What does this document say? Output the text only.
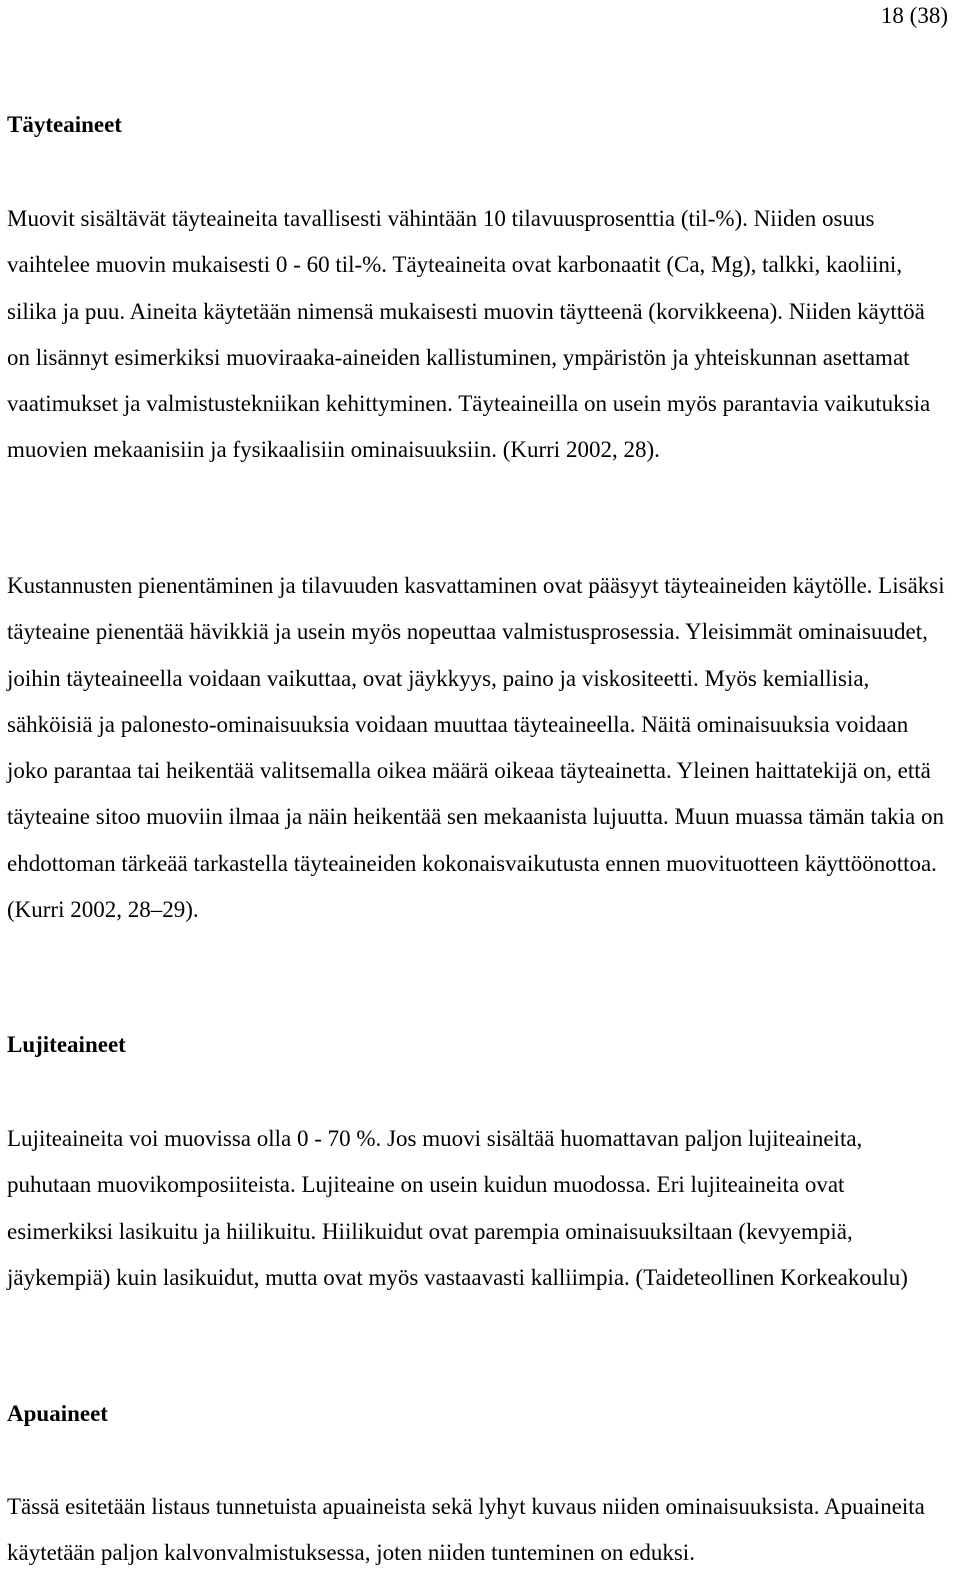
18 (38)
Täyteaineet

Muovit sisältävät täyteaineita tavallisesti vähintään 10 tilavuusprosenttia (til-%). Niiden osuus vaihtelee muovin mukaisesti 0 - 60 til-%. Täyteaineita ovat karbonaatit (Ca, Mg), talkki, kaoliini, silika ja puu. Aineita käytetään nimensä mukaisesti muovin täytteenä (korvikkeena). Niiden käyttöä on lisännyt esimerkiksi muoviraaka-aineiden kallistuminen, ympäristön ja yhteiskunnan asettamat vaatimukset ja valmistustekniikan kehittyminen. Täyteaineilla on usein myös parantavia vaikutuksia muovien mekaanisiin ja fysikaalisiin ominaisuuksiin. (Kurri 2002, 28).

Kustannusten pienentäminen ja tilavuuden kasvattaminen ovat pääsyyt täyteaineiden käytölle. Lisäksi täyteaine pienentää hävikkiä ja usein myös nopeuttaa valmistusprosessia. Yleisimmät ominaisuudet, joihin täyteaineella voidaan vaikuttaa, ovat jäykkyys, paino ja viskositeetti. Myös kemiallisia, sähköisiä ja palonesto-ominaisuuksia voidaan muuttaa täyteaineella. Näitä ominaisuuksia voidaan joko parantaa tai heikentää valitsemalla oikea määrä oikeaa täyteainetta. Yleinen haittatekijä on, että täyteaine sitoo muoviin ilmaa ja näin heikentää sen mekaanista lujuutta. Muun muassa tämän takia on ehdottoman tärkeää tarkastella täyteaineiden kokonaisvaikutusta ennen muovituotteen käyttöönottoa. (Kurri 2002, 28–29).

Lujiteaineet

Lujiteaineita voi muovissa olla 0 - 70 %. Jos muovi sisältää huomattavan paljon lujiteaineita, puhutaan muovikomposiiteista. Lujiteaine on usein kuidun muodossa. Eri lujiteaineita ovat esimerkiksi lasikuitu ja hiilikuitu. Hiilikuidut ovat parempia ominaisuuksiltaan (kevyempiä, jäykempiä) kuin lasikuidut, mutta ovat myös vastaavasti kalliimpia. (Taideteollinen Korkeakoulu)

Apuaineet

Tässä esitetään listaus tunnetuista apuaineista sekä lyhyt kuvaus niiden ominaisuuksista. Apuaineita käytetään paljon kalvonvalmistuksessa, joten niiden tunteminen on eduksi.
